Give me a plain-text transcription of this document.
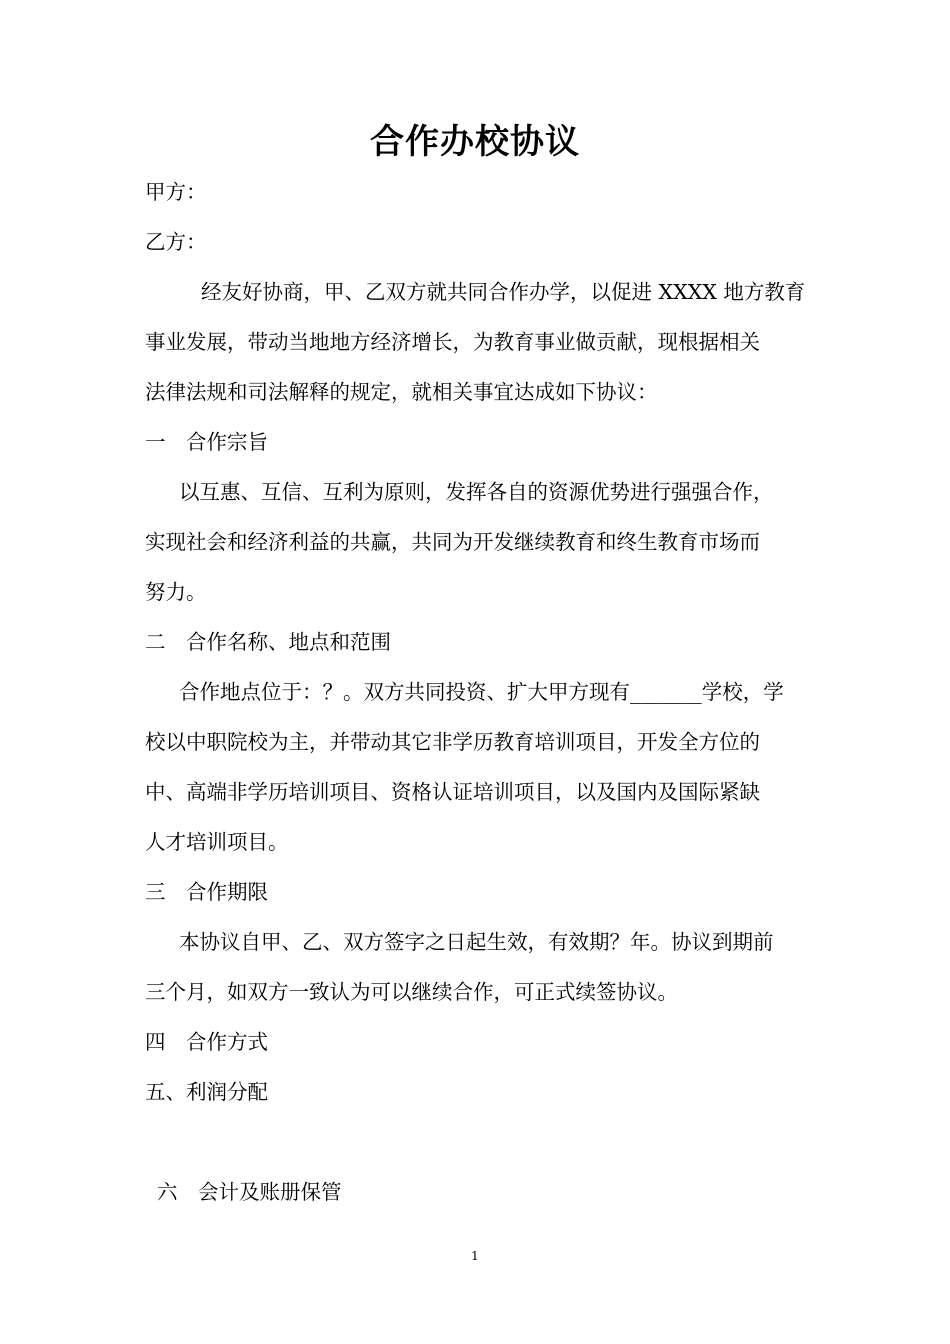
合作办校协议
甲方：
乙方：
经友好协商，甲、乙双方就共同合作办学，以促进 XXXX 地方教育
事业发展，带动当地地方经济增长，为教育事业做贡献，现根据相关
法律法规和司法解释的规定，就相关事宜达成如下协议：
一　合作宗旨
以互惠、互信、互利为原则，发挥各自的资源优势进行强强合作，
实现社会和经济利益的共赢，共同为开发继续教育和终生教育市场而
努力。
二　合作名称、地点和范围
合作地点位于：？。双方共同投资、扩大甲方现有_______学校，学
校以中职院校为主，并带动其它非学历教育培训项目，开发全方位的
中、高端非学历培训项目、资格认证培训项目，以及国内及国际紧缺
人才培训项目。
三　合作期限
本协议自甲、乙、双方签字之日起生效，有效期？年。协议到期前
三个月，如双方一致认为可以继续合作，可正式续签协议。
四　合作方式
五、利润分配
六　会计及账册保管
1
